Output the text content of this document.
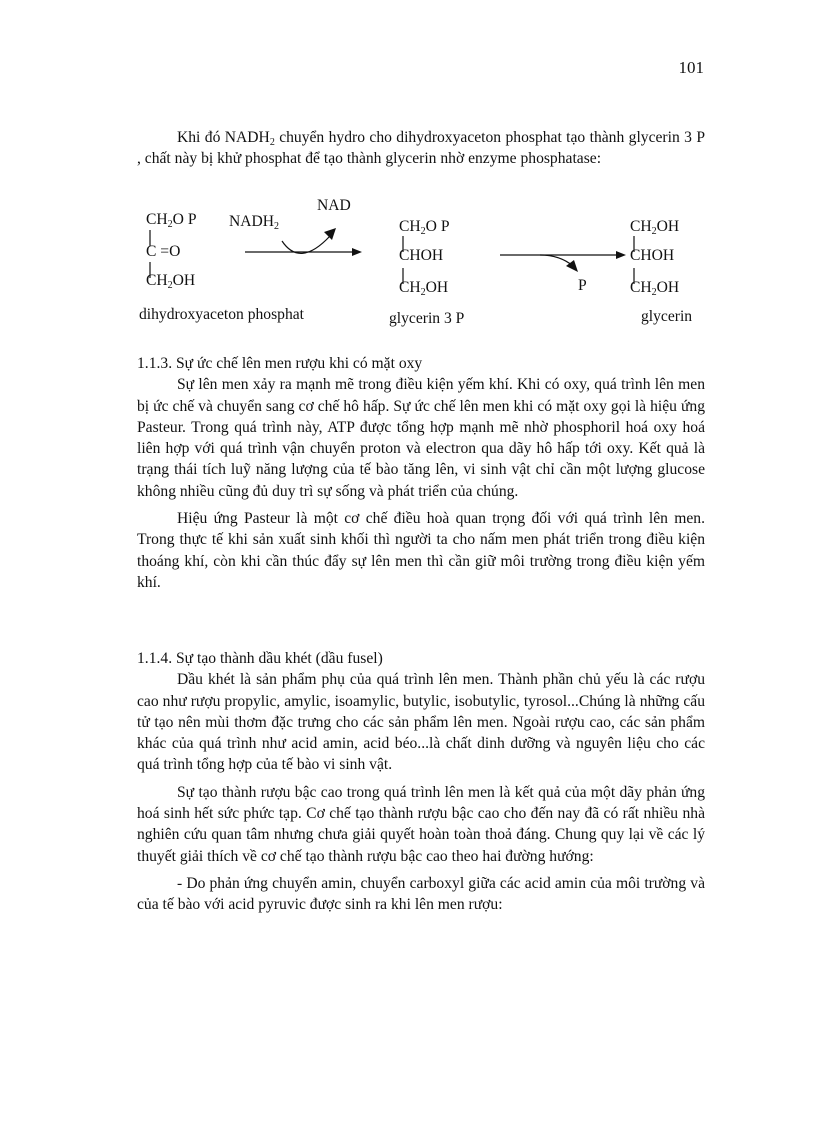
101

Khi đó $NADH_2$ chuyển hydro cho dihydroxyaceton phosphat tạo thành glycerin 3 P , chất này bị khử phosphat để tạo thành glycerin nhờ enzyme phosphatase:

$CH_2O$ P
C =O
$CH_2OH$
dihydroxyaceton phosphat
$NADH_2$
NAD
$CH_2O$ P
CHOH
$CH_2OH$
glycerin 3 P
P
$CH_2OH$
CHOH
$CH_2OH$
glycerin

1.1.3. Sự ức chế lên men rượu khi có mặt oxy

Sự lên men xảy ra mạnh mẽ trong điều kiện yếm khí. Khi có oxy, quá trình lên men bị ức chế và chuyển sang cơ chế hô hấp. Sự ức chế lên men khi có mặt oxy gọi là hiệu ứng Pasteur. Trong quá trình này, ATP được tổng hợp mạnh mẽ nhờ phosphoril hoá oxy hoá liên hợp với quá trình vận chuyển proton và electron qua dãy hô hấp tới oxy. Kết quả là trạng thái tích luỹ năng lượng của tế bào tăng lên, vi sinh vật chỉ cần một lượng glucose không nhiều cũng đủ duy trì sự sống và phát triển của chúng.

Hiệu ứng Pasteur là một cơ chế điều hoà quan trọng đối với quá trình lên men. Trong thực tế khi sản xuất sinh khối thì người ta cho nấm men phát triển trong điều kiện thoáng khí, còn khi cần thúc đẩy sự lên men thì cần giữ môi trường trong điều kiện yếm khí.

1.1.4. Sự tạo thành dầu khét (dầu fusel)

Dầu khét là sản phẩm phụ của quá trình lên men. Thành phần chủ yếu là các rượu cao như rượu propylic, amylic, isoamylic, butylic, isobutylic, tyrosol...Chúng là những cấu tử tạo nên mùi thơm đặc trưng cho các sản phẩm lên men. Ngoài rượu cao, các sản phẩm khác của quá trình như acid amin, acid béo...là chất dinh dưỡng và nguyên liệu cho các quá trình tổng hợp của tế bào vi sinh vật.

Sự tạo thành rượu bậc cao trong quá trình lên men là kết quả của một dãy phản ứng hoá sinh hết sức phức tạp. Cơ chế tạo thành rượu bậc cao cho đến nay đã có rất nhiều nhà nghiên cứu quan tâm nhưng chưa giải quyết hoàn toàn thoả đáng. Chung quy lại về các lý thuyết giải thích về cơ chế tạo thành rượu bậc cao theo hai đường hướng:

- Do phản ứng chuyển amin, chuyển carboxyl giữa các acid amin của môi trường và của tế bào với acid pyruvic được sinh ra khi lên men rượu:
